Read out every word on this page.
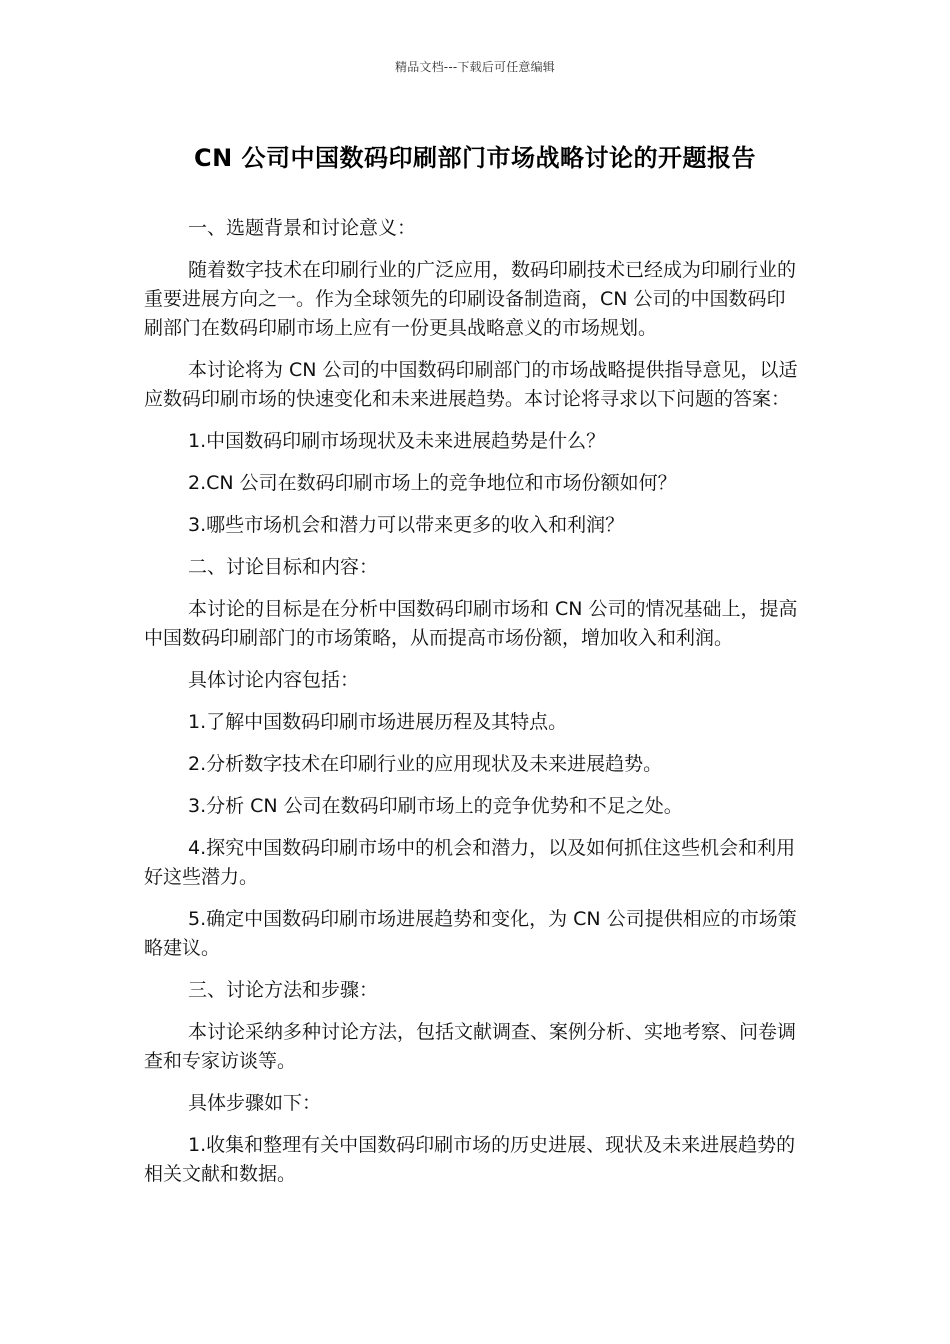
精品文档---下载后可任意编辑
CN 公司中国数码印刷部门市场战略讨论的开题报告

一、选题背景和讨论意义：

随着数字技术在印刷行业的广泛应用，数码印刷技术已经成为印刷行业的重要进展方向之一。作为全球领先的印刷设备制造商，CN 公司的中国数码印刷部门在数码印刷市场上应有一份更具战略意义的市场规划。

本讨论将为 CN 公司的中国数码印刷部门的市场战略提供指导意见，以适应数码印刷市场的快速变化和未来进展趋势。本讨论将寻求以下问题的答案：

1.中国数码印刷市场现状及未来进展趋势是什么？

2.CN 公司在数码印刷市场上的竞争地位和市场份额如何？

3.哪些市场机会和潜力可以带来更多的收入和利润？

二、讨论目标和内容：

本讨论的目标是在分析中国数码印刷市场和 CN 公司的情况基础上，提高中国数码印刷部门的市场策略，从而提高市场份额，增加收入和利润。

具体讨论内容包括：

1.了解中国数码印刷市场进展历程及其特点。

2.分析数字技术在印刷行业的应用现状及未来进展趋势。

3.分析 CN 公司在数码印刷市场上的竞争优势和不足之处。

4.探究中国数码印刷市场中的机会和潜力，以及如何抓住这些机会和利用好这些潜力。

5.确定中国数码印刷市场进展趋势和变化，为 CN 公司提供相应的市场策略建议。

三、讨论方法和步骤：

本讨论采纳多种讨论方法，包括文献调查、案例分析、实地考察、问卷调查和专家访谈等。

具体步骤如下：

1.收集和整理有关中国数码印刷市场的历史进展、现状及未来进展趋势的相关文献和数据。
